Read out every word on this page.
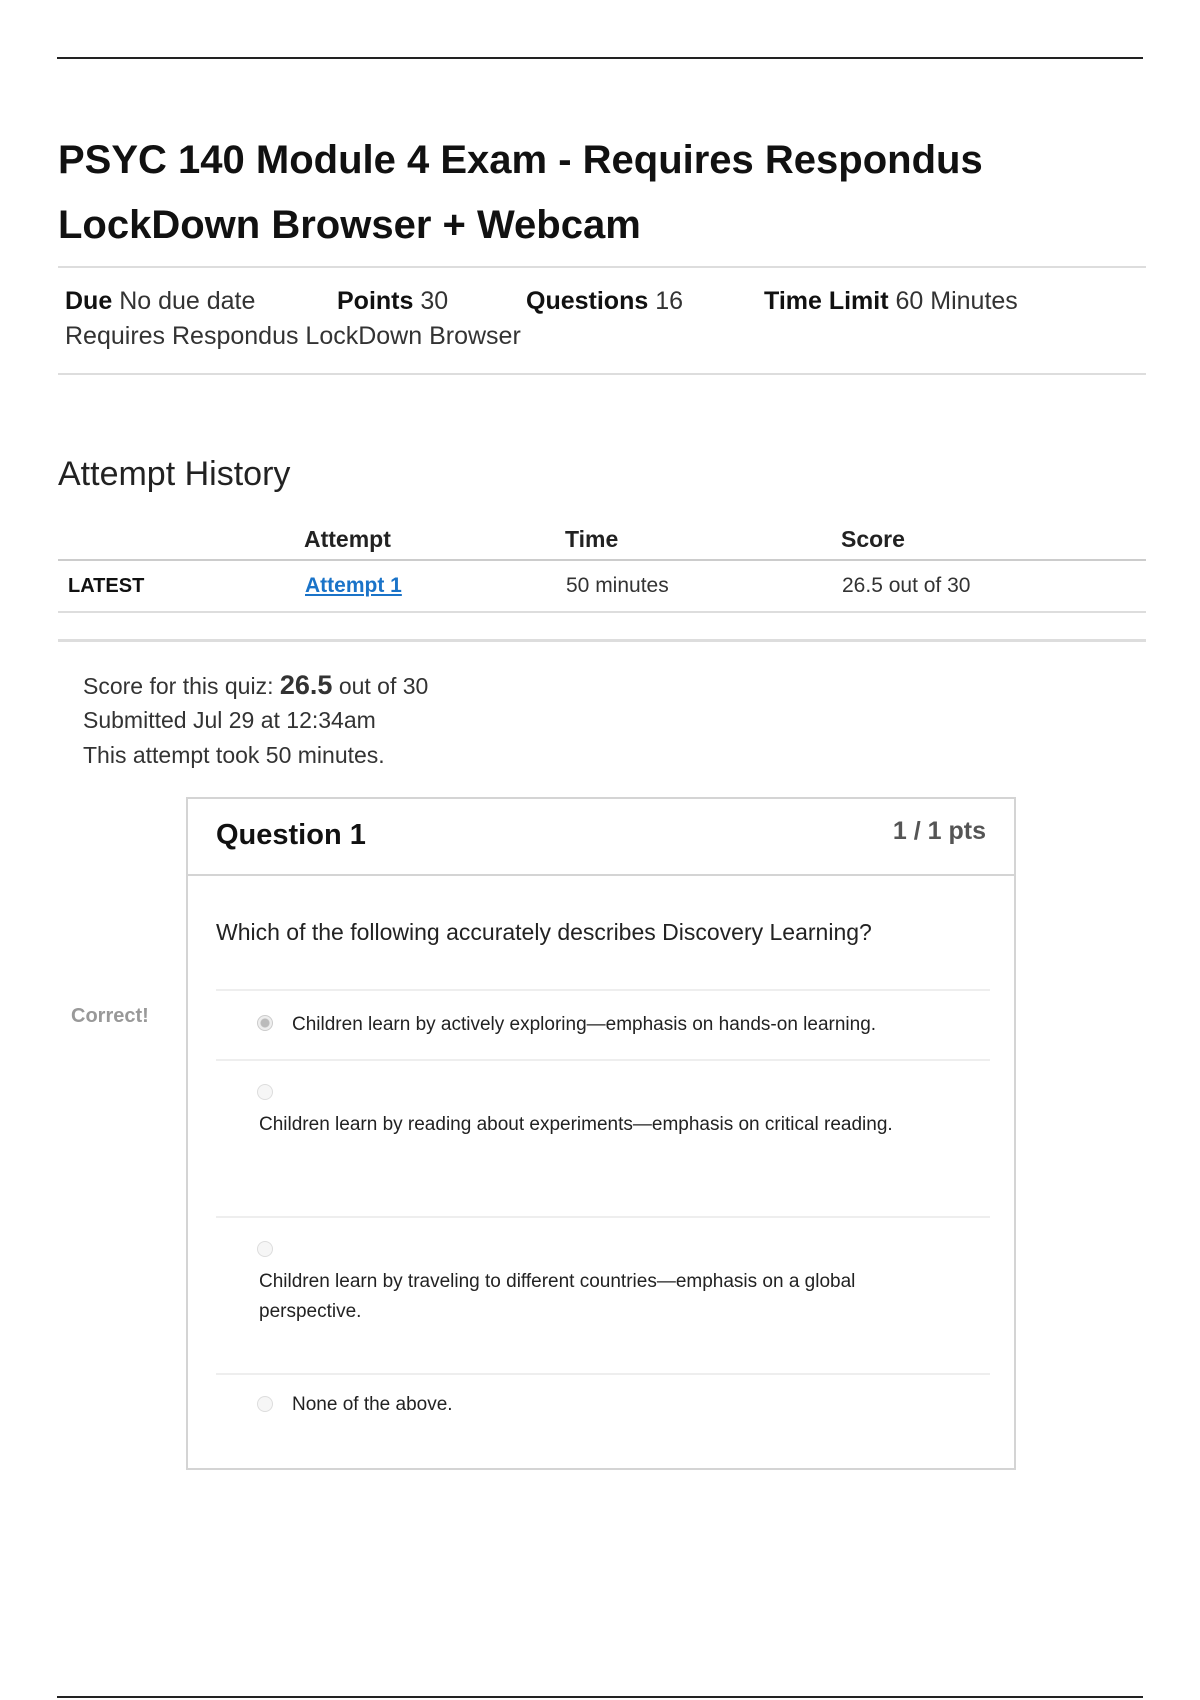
PSYC 140 Module 4 Exam - Requires Respondus LockDown Browser + Webcam
Due No due date	Points 30	Questions 16	Time Limit 60 Minutes
Requires Respondus LockDown Browser
Attempt History
	Attempt	Time	Score
LATEST	Attempt 1	50 minutes	26.5 out of 30
Score for this quiz: 26.5 out of 30
Submitted Jul 29 at 12:34am
This attempt took 50 minutes.
Correct!
Question 1	1 / 1 pts
Which of the following accurately describes Discovery Learning?
Children learn by actively exploring—emphasis on hands-on learning.
Children learn by reading about experiments—emphasis on critical reading.
Children learn by traveling to different countries—emphasis on a global perspective.
None of the above.
